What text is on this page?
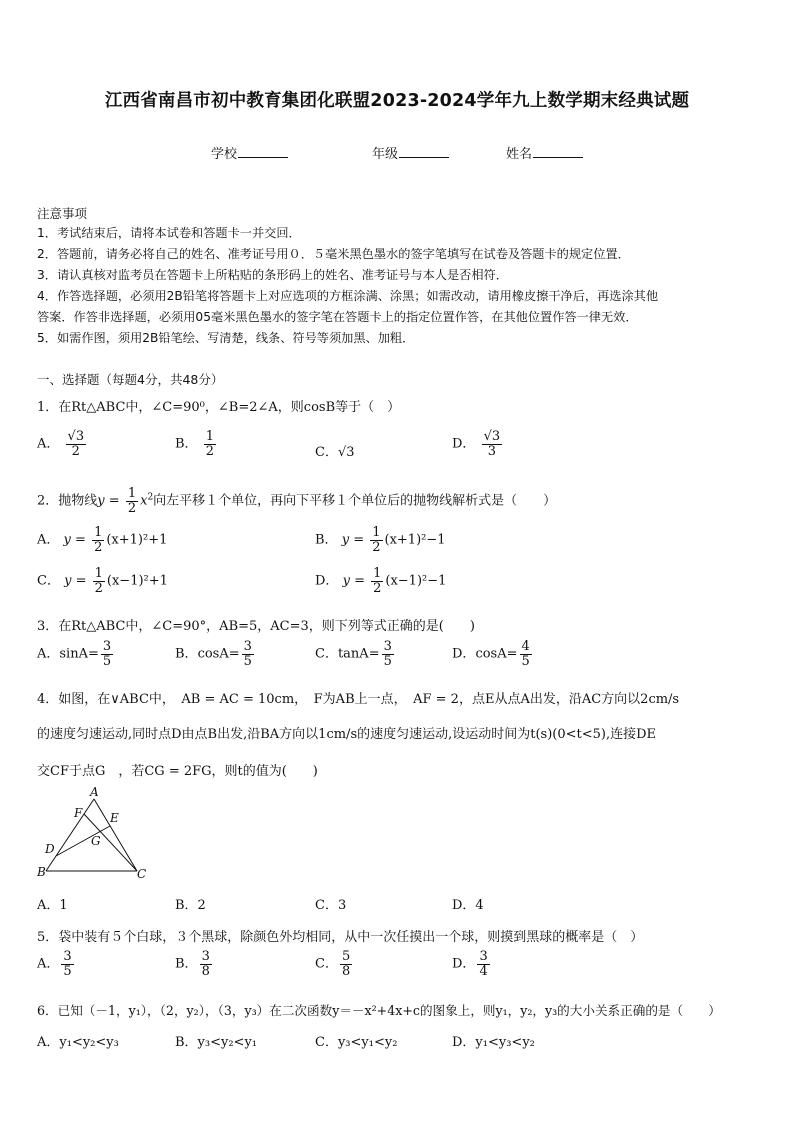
江西省南昌市初中教育集团化联盟2023-2024学年九上数学期末经典试题
学校	年级	姓名
注意事项
1．考试结束后，请将本试卷和答题卡一并交回．
2．答题前，请务必将自己的姓名、准考证号用０．５毫米黑色墨水的签字笔填写在试卷及答题卡的规定位置．
3．请认真核对监考员在答题卡上所粘贴的条形码上的姓名、准考证号与本人是否相符．
4．作答选择题，必须用2B铅笔将答题卡上对应选项的方框涂满、涂黑；如需改动，请用橡皮擦干净后，再选涂其他
答案．作答非选择题，必须用05毫米黑色墨水的签字笔在答题卡上的指定位置作答，在其他位置作答一律无效．
5．如需作图，须用2B铅笔绘、写清楚，线条、符号等须加黑、加粗．
一、选择题（每题4分，共48分）
1．在Rt△ABC中，∠C=90⁰，∠B=2∠A，则cosB等于（　）
A． $\frac{√3}{2}$	B． $\frac{1}{2}$	C．√3
D． $\frac{√3}{3}$
2．抛物线$y = \frac{1}{2} x^2$向左平移１个单位，再向下平移１个单位后的抛物线解析式是（　　）
A． $y = \frac{1}{2} (x+1)^2+1$	B． $y = \frac{1}{2} (x+1)^2-1$
C． $y = \frac{1}{2} (x-1)^2+1$	D． $y = \frac{1}{2} (x-1)^2-1$
3．在Rt△ABC中，∠C=90°，AB=5，AC=3，则下列等式正确的是(　　)
A．$\sin A= \frac{3}{5}$	B．$\cos A= \frac{3}{5}$	C．$\tan A= \frac{3}{5}$	D．$\cos A= \frac{4}{5}$
4．如图，在∨ABC中，　AB = AC = 10cm，　F为AB上一点，　AF = 2，点E从点A出发，沿AC方向以2cm/s
的速度匀速运动,同时点D由点B出发,沿BA方向以1cm/s的速度匀速运动,设运动时间为t(s)(0<t<5),连接DE
交CF于点G　，若CG = 2FG，则t的值为(　　)
A
F E
G
D
B	C
A．1	B．2	C．3	D．4
5．袋中装有５个白球，３个黑球，除颜色外均相同，从中一次任摸出一个球，则摸到黑球的概率是（　）
A． $\frac{3}{5}$	B． $\frac{3}{8}$	C． $\frac{5}{8}$	D． $\frac{3}{4}$
6．已知（－1，y₁），（2，y₂），（3，y₃）在二次函数y＝－x²+4x+c的图象上，则y₁，y₂，y₃的大小关系正确的是（　　）
A．y₁<y₂<y₃	B．y₃<y₂<y₁	C．y₃<y₁<y₂	D．y₁<y₃<y₂
